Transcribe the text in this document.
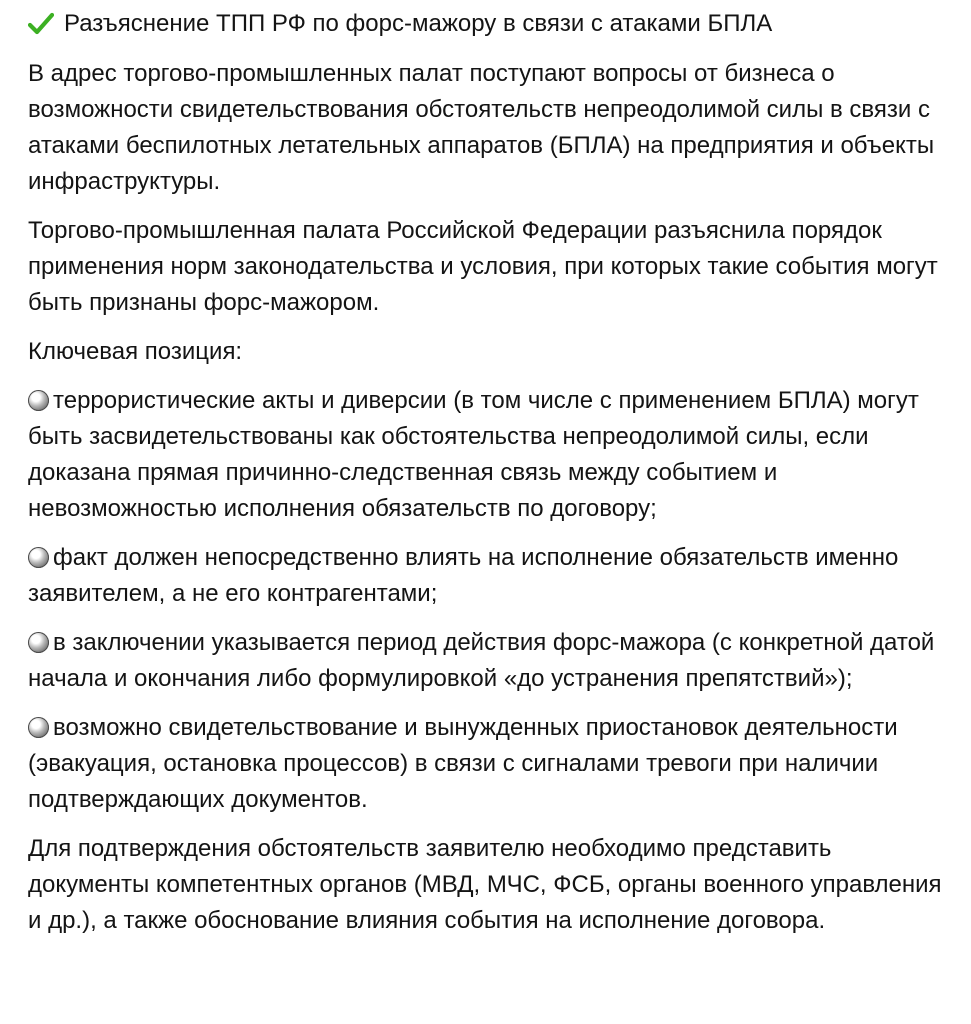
Разъяснение ТПП РФ по форс-мажору в связи с атаками БПЛА

В адрес торгово-промышленных палат поступают вопросы от бизнеса о возможности свидетельствования обстоятельств непреодолимой силы в связи с атаками беспилотных летательных аппаратов (БПЛА) на предприятия и объекты инфраструктуры.

Торгово-промышленная палата Российской Федерации разъяснила порядок применения норм законодательства и условия, при которых такие события могут быть признаны форс-мажором.

Ключевая позиция:

террористические акты и диверсии (в том числе с применением БПЛА) могут быть засвидетельствованы как обстоятельства непреодолимой силы, если доказана прямая причинно-следственная связь между событием и невозможностью исполнения обязательств по договору;

факт должен непосредственно влиять на исполнение обязательств именно заявителем, а не его контрагентами;

в заключении указывается период действия форс-мажора (с конкретной датой начала и окончания либо формулировкой «до устранения препятствий»);

возможно свидетельствование и вынужденных приостановок деятельности (эвакуация, остановка процессов) в связи с сигналами тревоги при наличии подтверждающих документов.

Для подтверждения обстоятельств заявителю необходимо представить документы компетентных органов (МВД, МЧС, ФСБ, органы военного управления и др.), а также обоснование влияния события на исполнение договора.
